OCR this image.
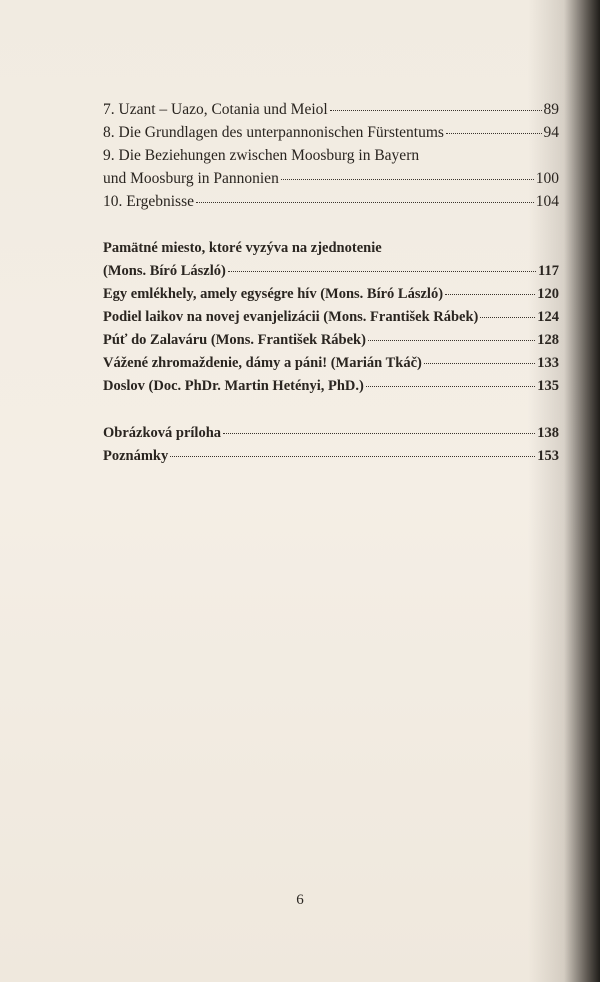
7. Uzant – Uazo, Cotania und Meiol	89
8. Die Grundlagen des unterpannonischen Fürstentums	94
9. Die Beziehungen zwischen Moosburg in Bayern
und Moosburg in Pannonien	100
10. Ergebnisse	104
Pamätné miesto, ktoré vyzýva na zjednotenie
(Mons. Bíró László)	117
Egy emlékhely, amely egységre hív (Mons. Bíró László)	120
Podiel laikov na novej evanjelizácii (Mons. František Rábek)	124
Púť do Zalaváru (Mons. František Rábek)	128
Vážené zhromaždenie, dámy a páni! (Marián Tkáč)	133
Doslov (Doc. PhDr. Martin Hetényi, PhD.)	135
Obrázková príloha	138
Poznámky	153
6
